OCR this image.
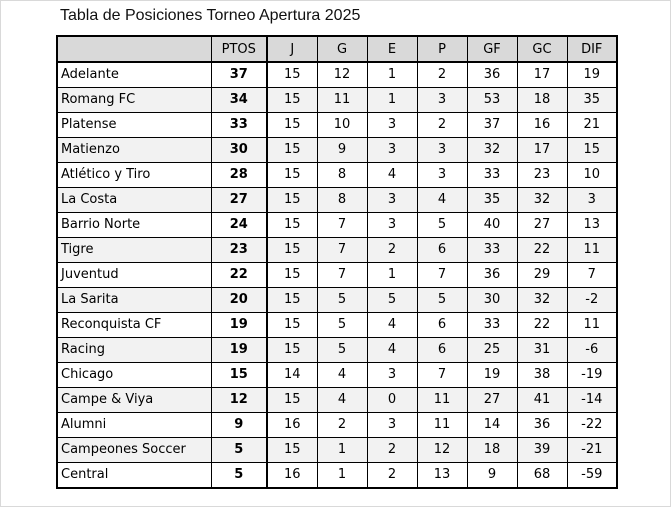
Tabla de Posiciones Torneo Apertura 2025
	PTOS	J	G	E	P	GF	GC	DIF
Adelante	37	15	12	1	2	36	17	19
Romang FC	34	15	11	1	3	53	18	35
Platense	33	15	10	3	2	37	16	21
Matienzo	30	15	9	3	3	32	17	15
Atlético y Tiro	28	15	8	4	3	33	23	10
La Costa	27	15	8	3	4	35	32	3
Barrio Norte	24	15	7	3	5	40	27	13
Tigre	23	15	7	2	6	33	22	11
Juventud	22	15	7	1	7	36	29	7
La Sarita	20	15	5	5	5	30	32	-2
Reconquista CF	19	15	5	4	6	33	22	11
Racing	19	15	5	4	6	25	31	-6
Chicago	15	14	4	3	7	19	38	-19
Campe & Viya	12	15	4	0	11	27	41	-14
Alumni	9	16	2	3	11	14	36	-22
Campeones Soccer	5	15	1	2	12	18	39	-21
Central	5	16	1	2	13	9	68	-59
